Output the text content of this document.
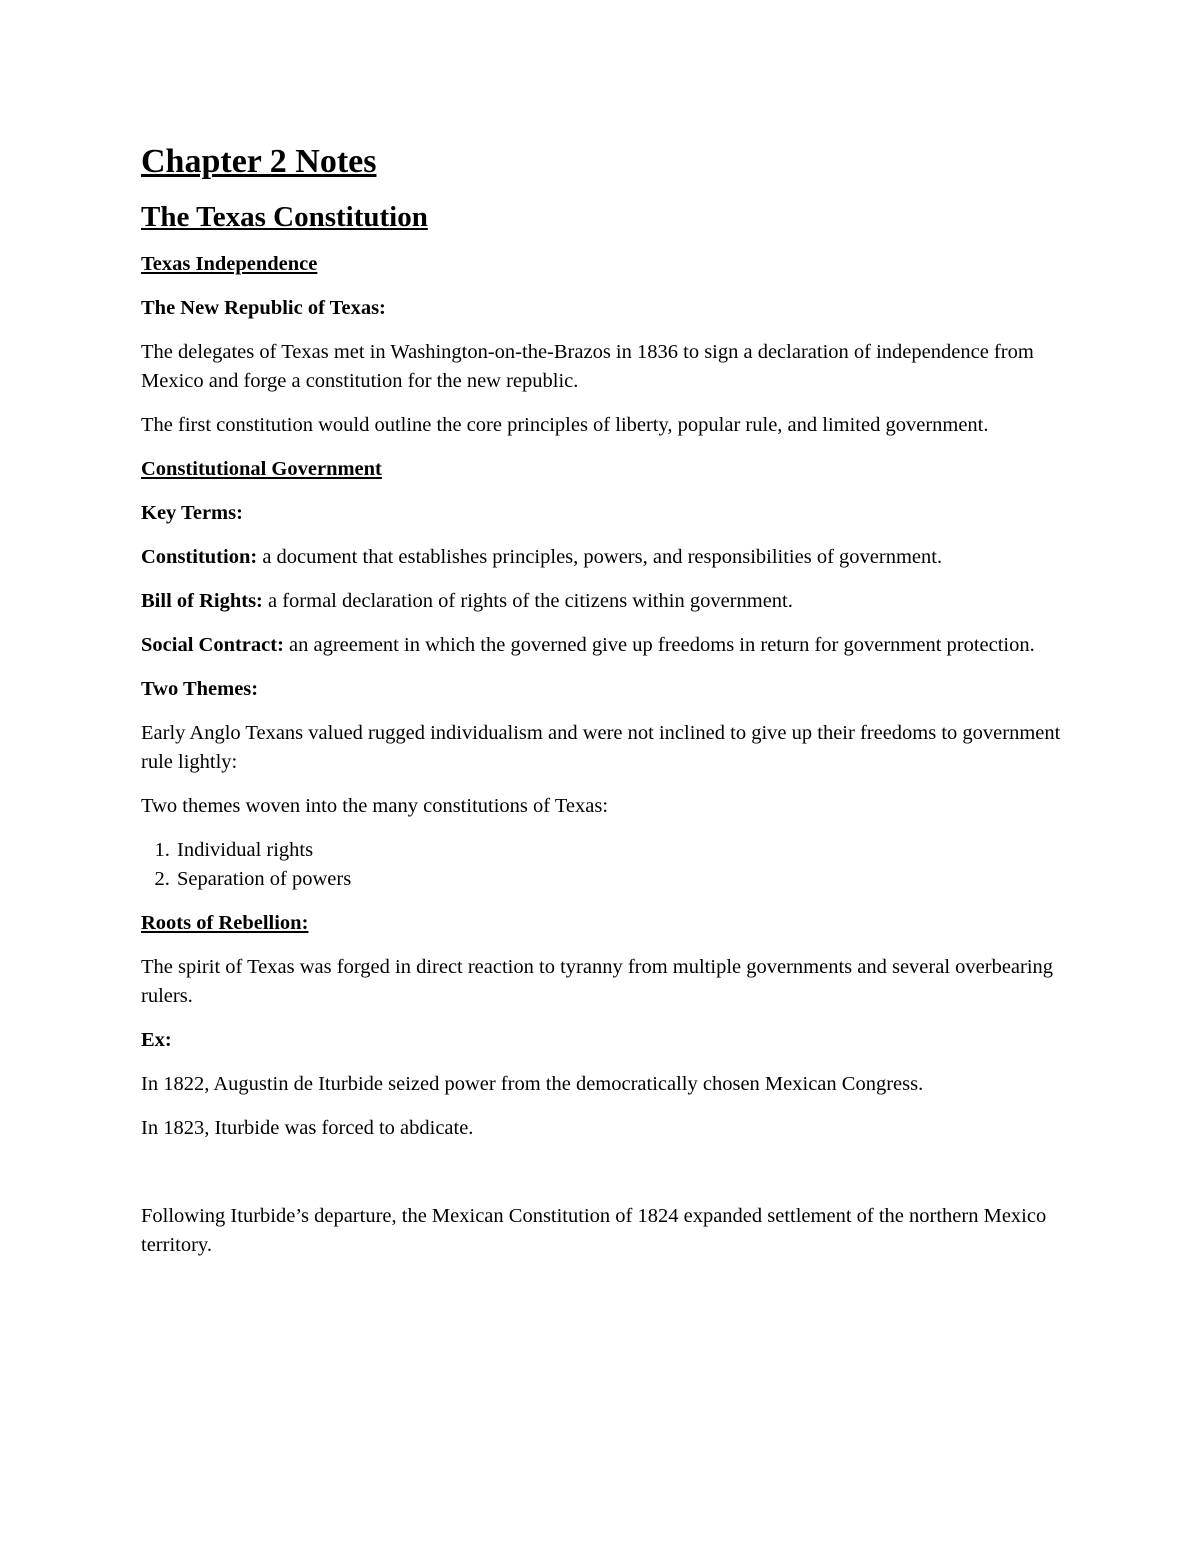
Chapter 2 Notes
The Texas Constitution

Texas Independence

The New Republic of Texas:

The delegates of Texas met in Washington-on-the-Brazos in 1836 to sign a declaration of independence from Mexico and forge a constitution for the new republic.

The first constitution would outline the core principles of liberty, popular rule, and limited government.

Constitutional Government

Key Terms:

Constitution: a document that establishes principles, powers, and responsibilities of government.

Bill of Rights: a formal declaration of rights of the citizens within government.

Social Contract: an agreement in which the governed give up freedoms in return for government protection.

Two Themes:

Early Anglo Texans valued rugged individualism and were not inclined to give up their freedoms to government rule lightly:

Two themes woven into the many constitutions of Texas:

1. Individual rights
2. Separation of powers

Roots of Rebellion:

The spirit of Texas was forged in direct reaction to tyranny from multiple governments and several overbearing rulers.

Ex:

In 1822, Augustin de Iturbide seized power from the democratically chosen Mexican Congress.

In 1823, Iturbide was forced to abdicate.

Following Iturbide’s departure, the Mexican Constitution of 1824 expanded settlement of the northern Mexico territory.
